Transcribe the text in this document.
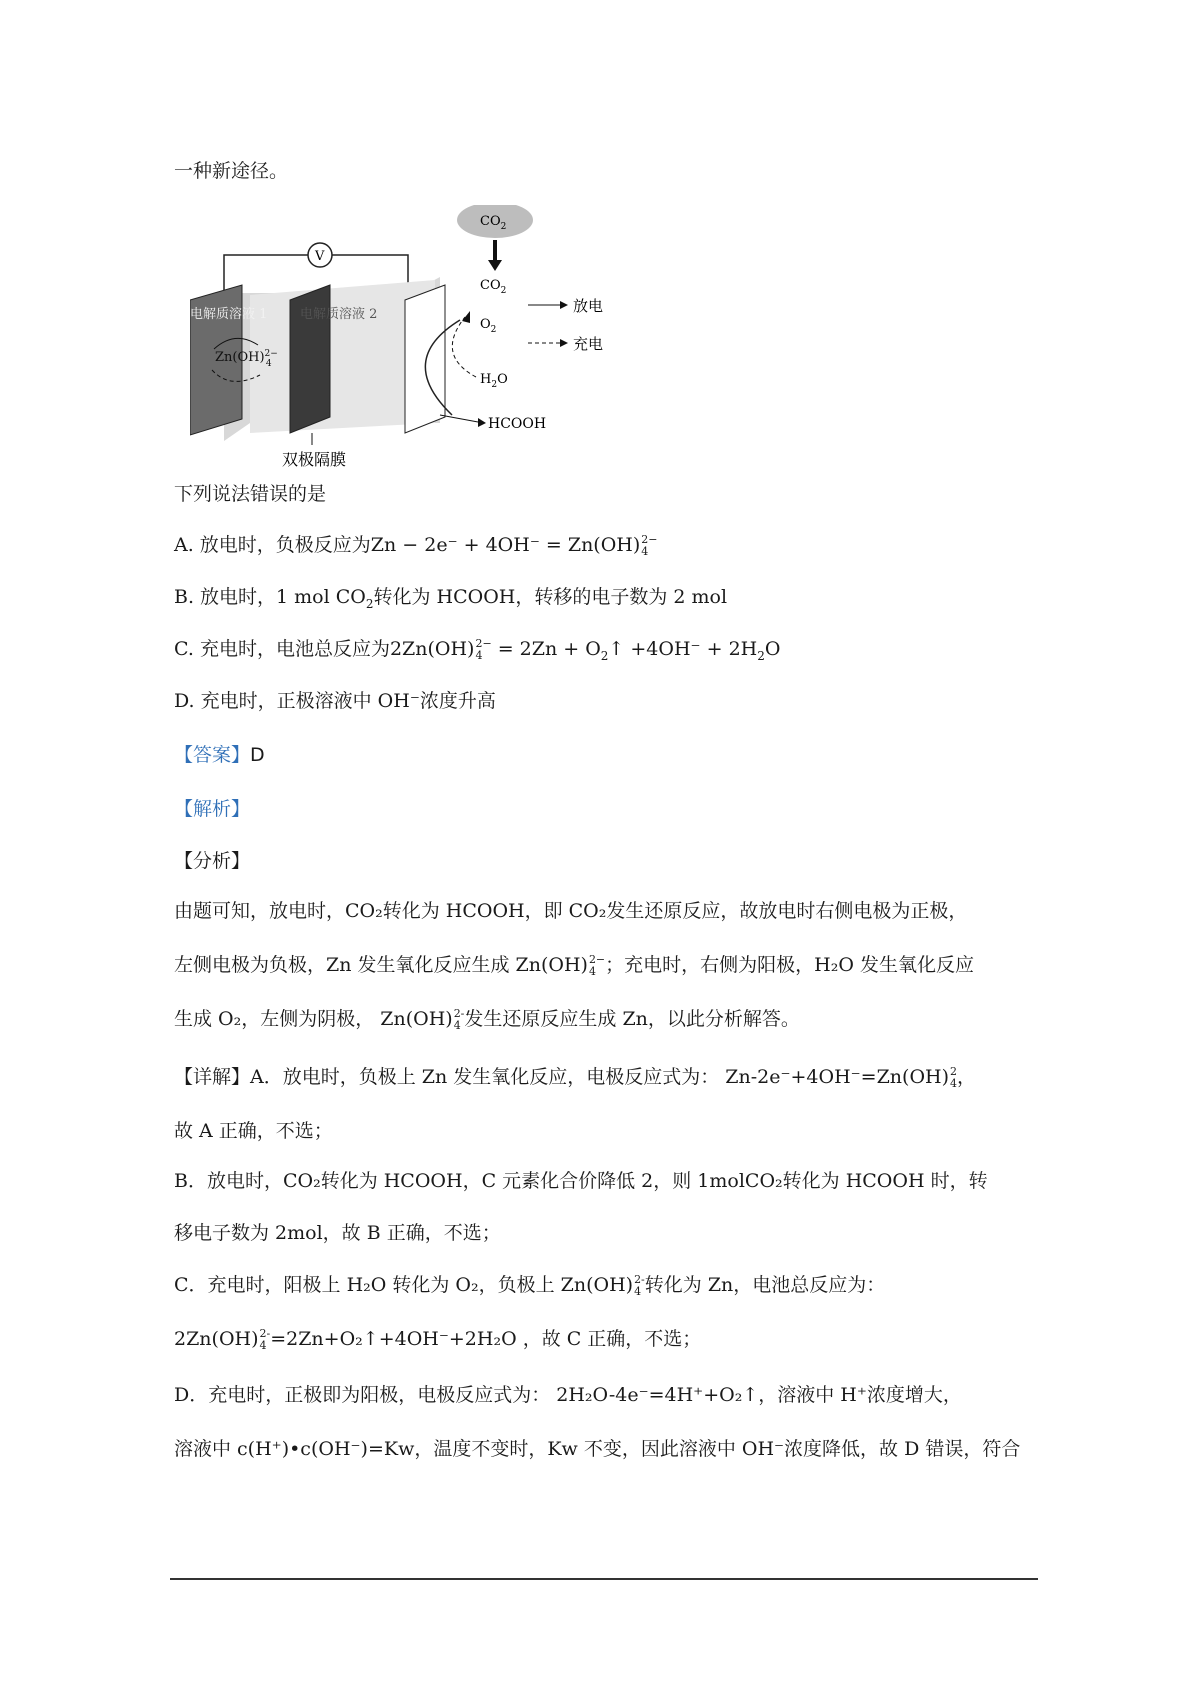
一种新途径。
V
电解质溶液 1	电解质溶液 2
Zn(OH)$^{2-}$ 4
$CO_2$
$CO_2$
$O_2$
$H_2O$
HCOOH
放电
充电
双极隔膜
下列说法错误的是
A. 放电时，负极反应为Zn − 2e⁻ + 4OH⁻ = Zn(OH) 2−
4
B. 放电时，1 mol $CO_2$转化为 HCOOH，转移的电子数为 2 mol
C. 充电时，电池总反应为2Zn(OH) 2−
$4 = 2Zn + O_2↑ +4OH^- + 2H_2O$
D. 充电时，正极溶液中 OH⁻浓度升高
【答案】D
【解析】
【分析】
由题可知，放电时，CO₂转化为 HCOOH，即 CO₂发生还原反应，故放电时右侧电极为正极，
左侧电极为负极，Zn 发生氧化反应生成 Zn(OH) 2−
4 ；充电时，右侧为阳极，H₂O 发生氧化反应
生成 O₂，左侧为阴极， Zn(OH) 2-
4 发生还原反应生成 Zn，以此分析解答。
【详解】A．放电时，负极上 Zn 发生氧化反应，电极反应式为： Zn-2e⁻+4OH⁻=Zn(OH) 2
4 ，
故 A 正确，不选；
B．放电时，CO₂转化为 HCOOH，C 元素化合价降低 2，则 1molCO₂转化为 HCOOH 时，转
移电子数为 2mol，故 B 正确，不选；
C．充电时，阳极上 H₂O 转化为 O₂，负极上 Zn(OH) 2-
4 转化为 Zn，电池总反应为：
2Zn(OH) 2-
4 =2Zn+O₂↑+4OH⁻+2H₂O ，故 C 正确，不选；
D．充电时，正极即为阳极，电极反应式为： 2H₂O-4e⁻=4H⁺+O₂↑，溶液中 H⁺浓度增大，
溶液中 c(H⁺)•c(OH⁻)=Kw，温度不变时，Kw 不变，因此溶液中 OH⁻浓度降低，故 D 错误，符合
